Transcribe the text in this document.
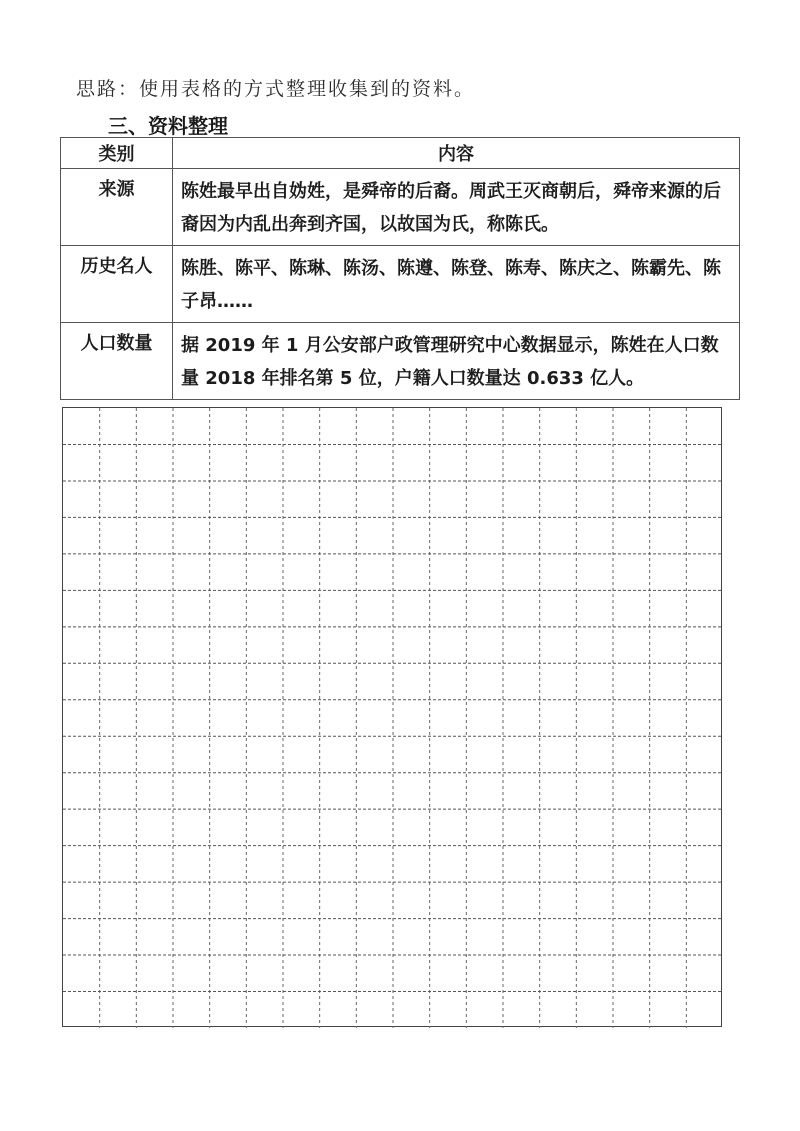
思路：使用表格的方式整理收集到的资料。
三、资料整理
类别	内容
来源	陈姓最早出自妫姓，是舜帝的后裔。周武王灭商朝后，舜帝来源的后裔因为内乱出奔到齐国，以故国为氏，称陈氏。
历史名人	陈胜、陈平、陈琳、陈汤、陈遵、陈登、陈寿、陈庆之、陈霸先、陈子昂……
人口数量	据 2019 年 1 月公安部户政管理研究中心数据显示，陈姓在人口数量 2018 年排名第 5 位，户籍人口数量达 0.633 亿人。
